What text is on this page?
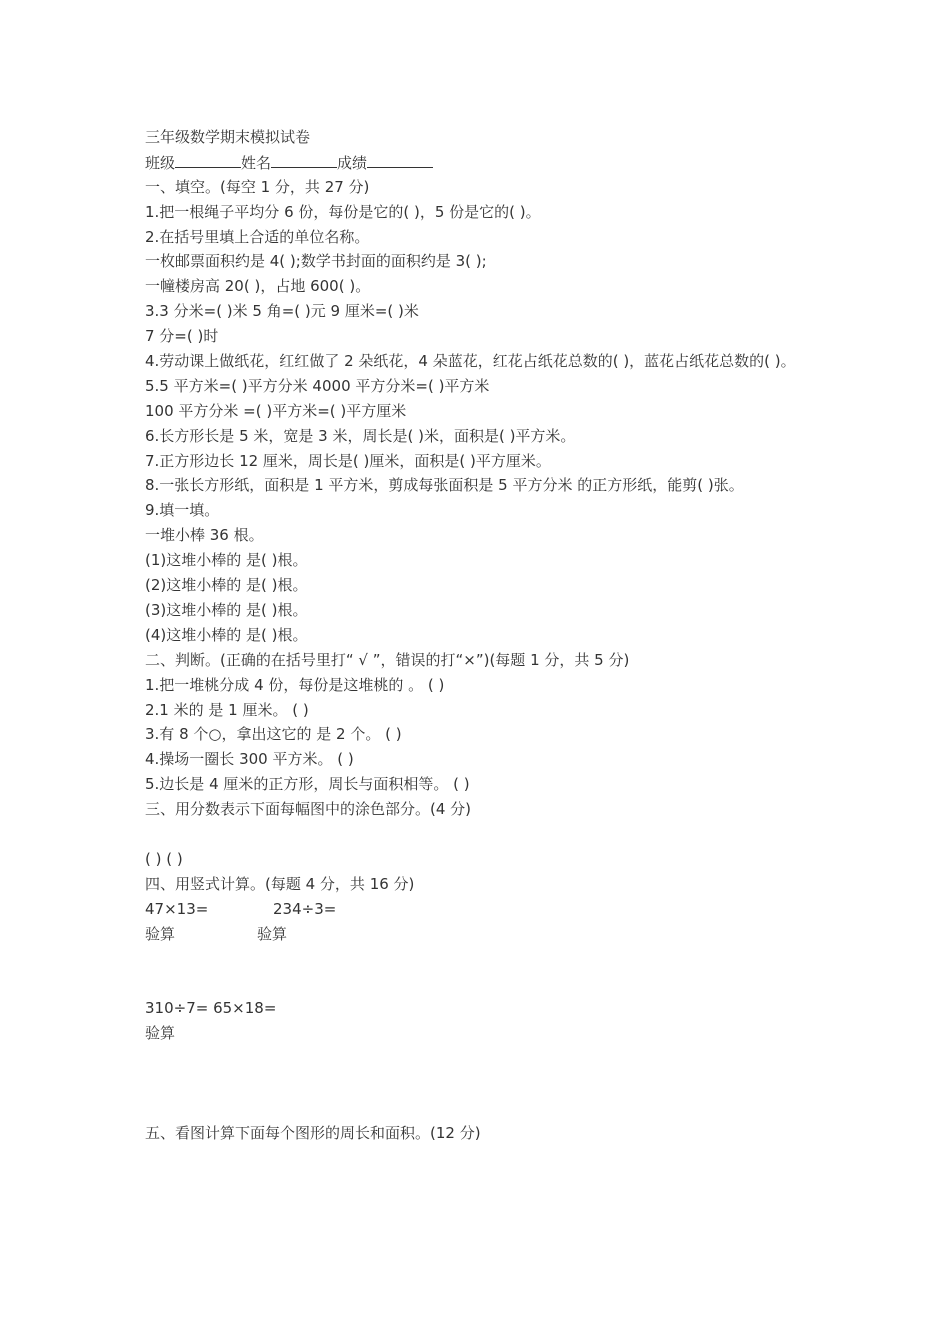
三年级数学期末模拟试卷
班级	姓名	成绩
一、填空。(每空 1 分，共 27 分)
1.把一根绳子平均分 6 份，每份是它的( )，5 份是它的( )。
2.在括号里填上合适的单位名称。
一枚邮票面积约是 4( );数学书封面的面积约是 3( );
一幢楼房高 20( )，占地 600( )。
3.3 分米=( )米 5 角=( )元 9 厘米=( )米
7 分=( )时
4.劳动课上做纸花，红红做了 2 朵纸花，4 朵蓝花，红花占纸花总数的( )，蓝花占纸花总数的( )。
5.5 平方米=( )平方分米 4000 平方分米=( )平方米
100 平方分米 =( )平方米=( )平方厘米
6.长方形长是 5 米，宽是 3 米，周长是( )米，面积是( )平方米。
7.正方形边长 12 厘米，周长是( )厘米，面积是( )平方厘米。
8.一张长方形纸，面积是 1 平方米，剪成每张面积是 5 平方分米 的正方形纸，能剪( )张。
9.填一填。
一堆小棒 36 根。
(1)这堆小棒的 是( )根。
(2)这堆小棒的 是( )根。
(3)这堆小棒的 是( )根。
(4)这堆小棒的 是( )根。
二、判断。(正确的在括号里打“ √ ”，错误的打“×”)(每题 1 分，共 5 分)
1.把一堆桃分成 4 份，每份是这堆桃的 。 ( )
2.1 米的 是 1 厘米。 ( )
3.有 8 个○，拿出这它的 是 2 个。 ( )
4.操场一圈长 300 平方米。 ( )
5.边长是 4 厘米的正方形，周长与面积相等。 ( )
三、用分数表示下面每幅图中的涂色部分。(4 分)
( ) ( )
四、用竖式计算。(每题 4 分，共 16 分)
47×13=	234÷3=
验算	验算
310÷7= 65×18=
验算
五、看图计算下面每个图形的周长和面积。(12 分)
